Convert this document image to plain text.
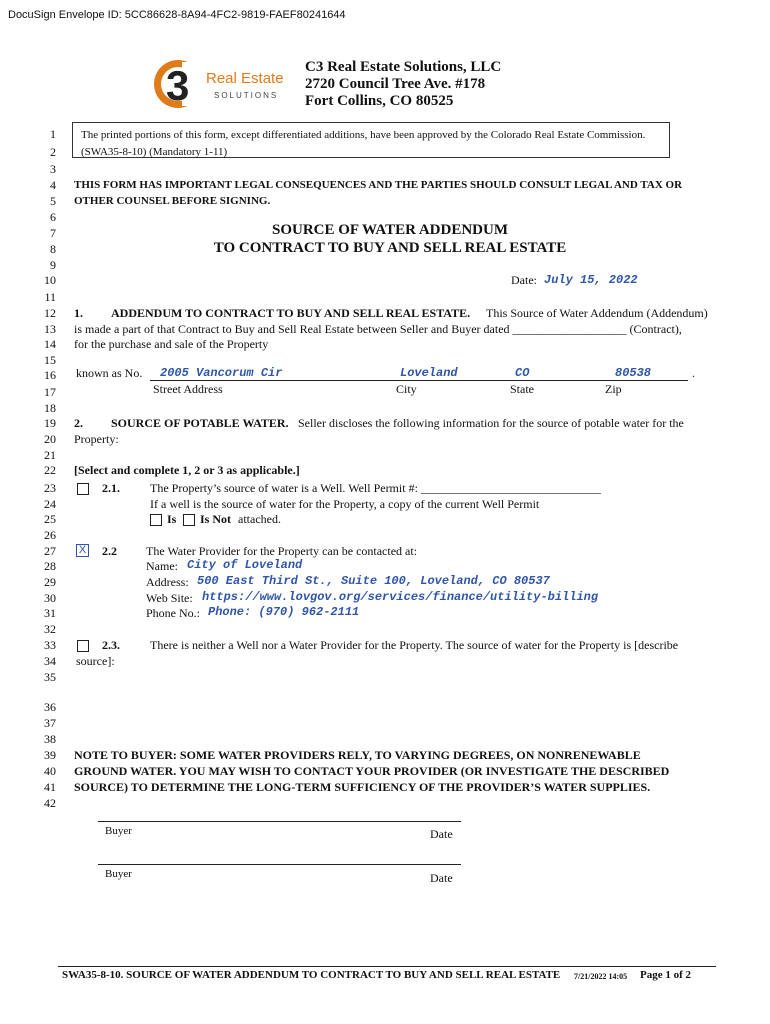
DocuSign Envelope ID: 5CC86628-8A94-4FC2-9819-FAEF80241644
3 Real Estate
SOLUTIONS
C3 Real Estate Solutions, LLC
2720 Council Tree Ave. #178
Fort Collins, CO 80525
1
2
3
4
5
6
7
8
9
10
11
12
13
14
15
16
17
18
19
20
21
22
23
24
25
26
27
28
29
30
31
32
33
34
35
36
37
38
39
40
41
42
The printed portions of this form, except differentiated additions, have been approved by the Colorado Real Estate Commission.
(SWA35-8-10) (Mandatory 1-11)
THIS FORM HAS IMPORTANT LEGAL CONSEQUENCES AND THE PARTIES SHOULD CONSULT LEGAL AND TAX OR
OTHER COUNSEL BEFORE SIGNING.
SOURCE OF WATER ADDENDUM
TO CONTRACT TO BUY AND SELL REAL ESTATE
Date: July 15, 2022
1. ADDENDUM TO CONTRACT TO BUY AND SELL REAL ESTATE. This Source of Water Addendum (Addendum)
is made a part of that Contract to Buy and Sell Real Estate between Seller and Buyer dated ___________________ (Contract),
for the purchase and sale of the Property
known as No. 2005 Vancorum Cir	Loveland	CO	80538	.
Street Address	City	State	Zip
2. SOURCE OF POTABLE WATER. Seller discloses the following information for the source of potable water for the
Property:
[Select and complete 1, 2 or 3 as applicable.]
2.1.	The Property’s source of water is a Well. Well Permit #: ______________________________
If a well is the source of water for the Property, a copy of the current Well Permit
Is Is Not attached.
X 2.2 The Water Provider for the Property can be contacted at:
Name: City of Loveland
Address: 500 East Third St., Suite 100, Loveland, CO 80537
Web Site: https://www.lovgov.org/services/finance/utility-billing
Phone No.: Phone: (970) 962-2111
2.3.	There is neither a Well nor a Water Provider for the Property. The source of water for the Property is [describe
source]:
NOTE TO BUYER: SOME WATER PROVIDERS RELY, TO VARYING DEGREES, ON NONRENEWABLE
GROUND WATER. YOU MAY WISH TO CONTACT YOUR PROVIDER (OR INVESTIGATE THE DESCRIBED
SOURCE) TO DETERMINE THE LONG-TERM SUFFICIENCY OF THE PROVIDER’S WATER SUPPLIES.
Buyer	Date
Buyer	Date
SWA35-8-10. SOURCE OF WATER ADDENDUM TO CONTRACT TO BUY AND SELL REAL ESTATE 7/21/2022 14:05 Page 1 of 2
